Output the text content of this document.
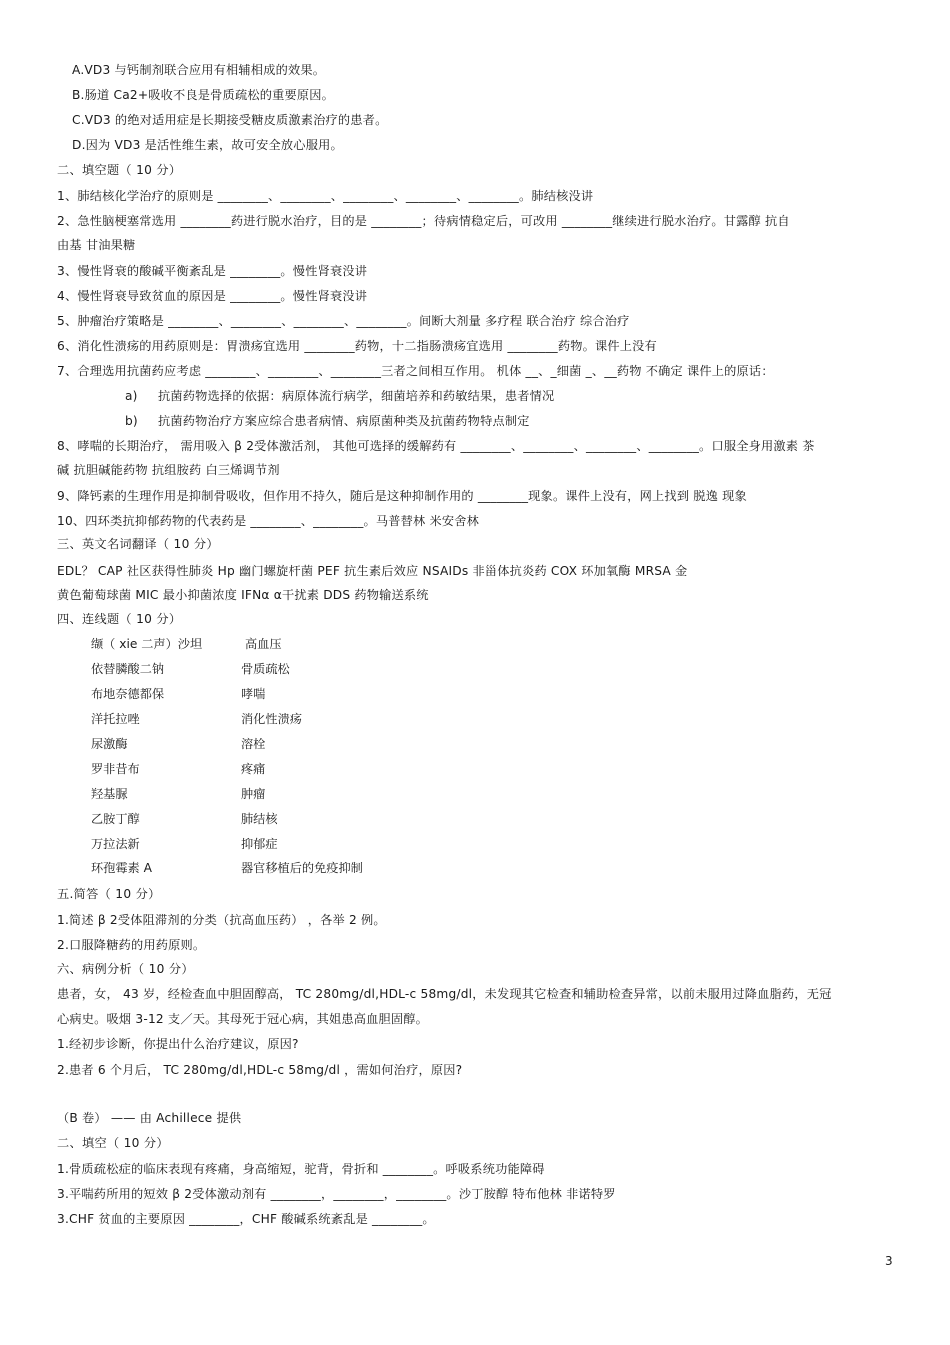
A.VD3 与钙制剂联合应用有相辅相成的效果。
B.肠道 Ca2+吸收不良是骨质疏松的重要原因。
C.VD3 的绝对适用症是长期接受糖皮质激素治疗的患者。
D.因为 VD3 是活性维生素，故可安全放心服用。
二、填空题（ 10 分）
1、肺结核化学治疗的原则是 ________、________、________、________、________。肺结核没讲
2、急性脑梗塞常选用 ________药进行脱水治疗，目的是 ________；待病情稳定后，可改用 ________继续进行脱水治疗。甘露醇 抗自
由基 甘油果糖
3、慢性肾衰的酸碱平衡紊乱是 ________。慢性肾衰没讲
4、慢性肾衰导致贫血的原因是 ________。慢性肾衰没讲
5、肿瘤治疗策略是 ________、________、________、________。间断大剂量 多疗程 联合治疗 综合治疗
6、消化性溃疡的用药原则是：胃溃疡宜选用 ________药物，十二指肠溃疡宜选用 ________药物。课件上没有
7、合理选用抗菌药应考虑 ________、________、________三者之间相互作用。 机体 __、_细菌 _、__药物 不确定 课件上的原话：
a)	抗菌药物选择的依据：病原体流行病学，细菌培养和药敏结果，患者情况
b)	抗菌药物治疗方案应综合患者病情、病原菌种类及抗菌药物特点制定
8、哮喘的长期治疗， 需用吸入 β 2受体激活剂， 其他可选择的缓解药有 ________、________、________、________。口服全身用激素 茶
碱 抗胆碱能药物 抗组胺药 白三烯调节剂
9、降钙素的生理作用是抑制骨吸收，但作用不持久，随后是这种抑制作用的 ________现象。课件上没有，网上找到 脱逸 现象
10、四环类抗抑郁药物的代表药是 ________、________。马普替林 米安舍林
三、英文名词翻译（ 10 分）
EDL？ CAP 社区获得性肺炎 Hp 幽门螺旋杆菌 PEF 抗生素后效应 NSAIDs 非甾体抗炎药 COX 环加氧酶 MRSA 金
黄色葡萄球菌 MIC 最小抑菌浓度 IFNα α干扰素 DDS 药物输送系统
四、连线题（ 10 分）
缬（ xie 二声）沙坦	高血压
依替膦酸二钠	骨质疏松
布地奈德都保	哮喘
洋托拉唑	消化性溃疡
尿激酶	溶栓
罗非昔布	疼痛
羟基脲	肿瘤
乙胺丁醇	肺结核
万拉法新	抑郁症
环孢霉素 A	器官移植后的免疫抑制
五.简答（ 10 分）
1.简述 β 2受体阻滞剂的分类（抗高血压药） ，各举 2 例。
2.口服降糖药的用药原则。
六、病例分析（ 10 分）
患者，女， 43 岁，经检查血中胆固醇高， TC 280mg/dl,HDL-c 58mg/dl，未发现其它检查和辅助检查异常，以前未服用过降血脂药，无冠
心病史。吸烟 3-12 支／天。其母死于冠心病，其姐患高血胆固醇。
1.经初步诊断，你提出什么治疗建议，原因?
2.患者 6 个月后， TC 280mg/dl,HDL-c 58mg/dl ，需如何治疗，原因?
（B 卷） —— 由 Achillece 提供
二、填空（ 10 分）
1.骨质疏松症的临床表现有疼痛，身高缩短，驼背，骨折和 ________。呼吸系统功能障碍
3.平喘药所用的短效 β 2受体激动剂有 ________，________，________。沙丁胺醇 特布他林 非诺特罗
3.CHF 贫血的主要原因 ________，CHF 酸碱系统紊乱是 ________。
3
